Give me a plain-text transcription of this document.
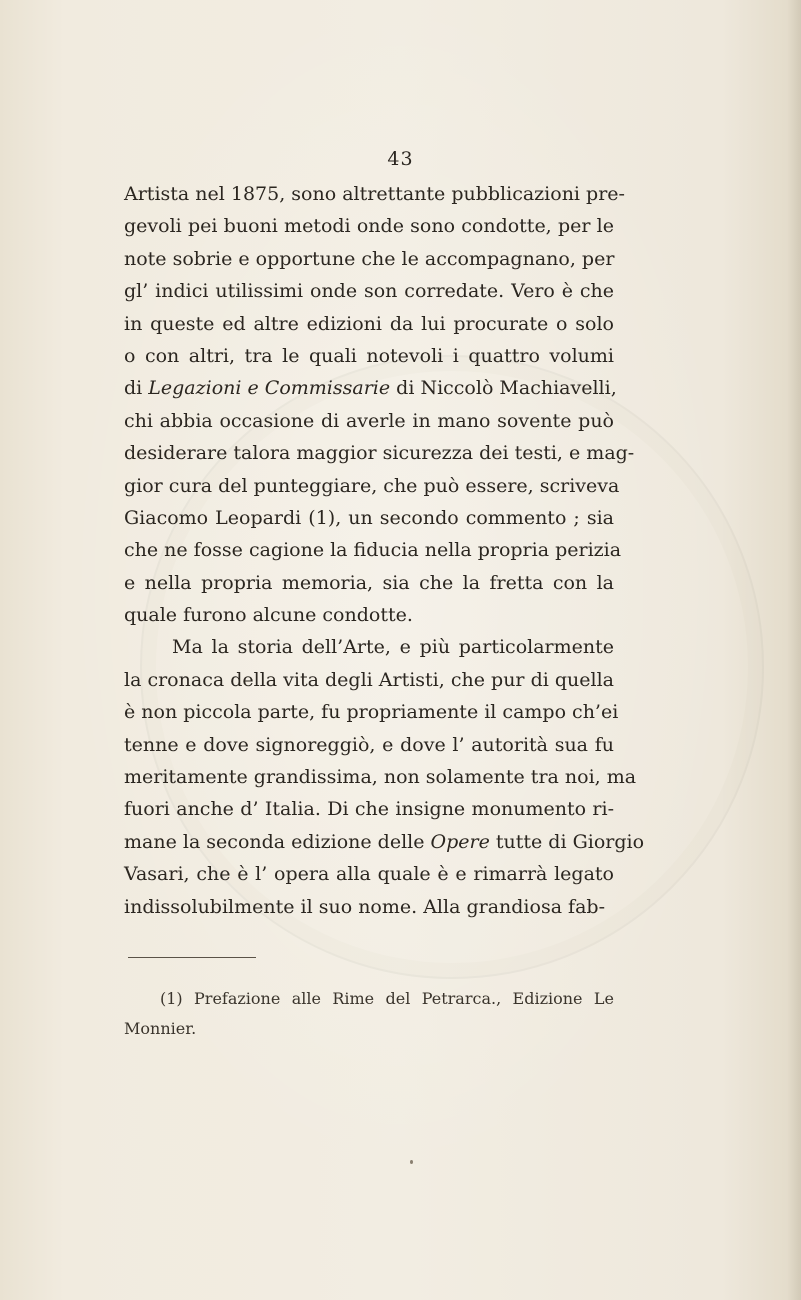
43
Artista nel 1875, sono altrettante pubblicazioni pre-
gevoli pei buoni metodi onde sono condotte, per le
note sobrie e opportune che le accompagnano, per
gl’ indici utilissimi onde son corredate. Vero è che
in queste ed altre edizioni da lui procurate o solo
o con altri, tra le quali notevoli i quattro volumi
di Legazioni e Commissarie di Niccolò Machiavelli,
chi abbia occasione di averle in mano sovente può
desiderare talora maggior sicurezza dei testi, e mag-
gior cura del punteggiare, che può essere, scriveva
Giacomo Leopardi (1), un secondo commento ; sia
che ne fosse cagione la fiducia nella propria perizia
e nella propria memoria, sia che la fretta con la
quale furono alcune condotte.
Ma la storia dell’Arte, e più particolarmente
la cronaca della vita degli Artisti, che pur di quella
è non piccola parte, fu propriamente il campo ch’ei
tenne e dove signoreggiò, e dove l’ autorità sua fu
meritamente grandissima, non solamente tra noi, ma
fuori anche d’ Italia. Di che insigne monumento ri-
mane la seconda edizione delle Opere tutte di Giorgio
Vasari, che è l’ opera alla quale è e rimarrà legato
indissolubilmente il suo nome. Alla grandiosa fab-
(1) Prefazione alle Rime del Petrarca., Edizione Le
Monnier.
